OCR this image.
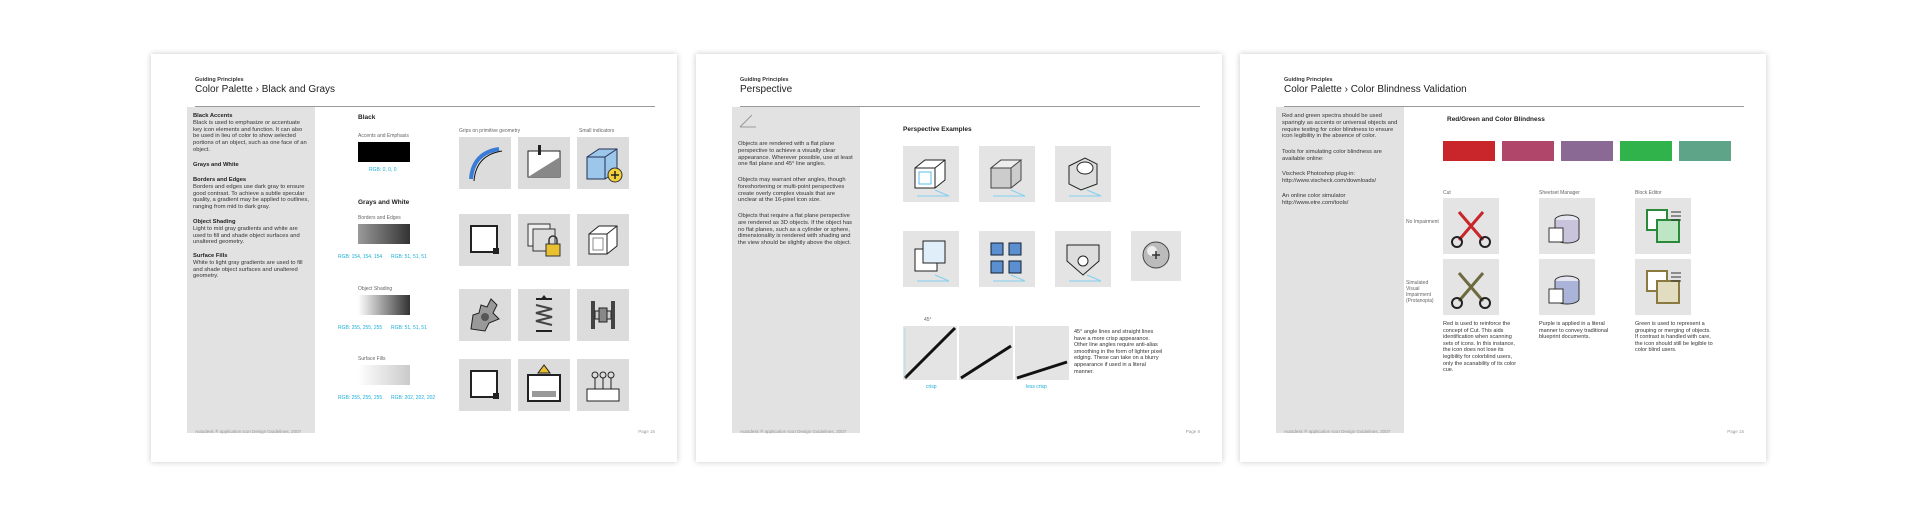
Guiding Principles
Color Palette › Black and Grays
Black Accents
Black is used to emphasize or accentuate key icon elements and function. It can also be used in lieu of color to show selected portions of an object, such as one face of an object.
Grays and White
Borders and Edges
Borders and edges use dark gray to ensure good contrast. To achieve a subtle specular quality, a gradient may be applied to outlines, ranging from mid to dark gray.
Object Shading
Light to mid gray gradients and white are used to fill and shade object surfaces and unaltered geometry.
Surface Fills
White to light gray gradients are used to fill and shade object surfaces and unaltered geometry.
Black
Accents and Emphasis
RGB: 0, 0, 0
Grays and White
Borders and Edges
RGB: 154, 154, 154 RGB: 51, 51, 51
Object Shading
RGB: 255, 255, 255 RGB: 51, 51, 51
Surface Fills
RGB: 255, 255, 255 RGB: 202, 202, 202
Grips on primitive geometry	Small indicators
Autodesk ® application Icon Design Guidelines, 2007	Page 16
Guiding Principles
Perspective
Objects are rendered with a flat plane perspective to achieve a visually clear appearance. Wherever possible, use at least one flat plane and 45° line angles.
Objects may warrant other angles, though foreshortening or multi-point perspectives create overly complex visuals that are unclear at the 16-pixel icon size.
Objects that require a flat plane perspective are rendered as 3D objects. If the object has no flat planes, such as a cylinder or sphere, dimensionality is rendered with shading and the view should be slightly above the object.
Perspective Examples
45°
crisp	less crisp
45° angle lines and straight lines have a more crisp appearance. Other line angles require anti-alias smoothing in the form of lighter pixel edging. These can take on a blurry appearance if used in a literal manner.
Autodesk ® application Icon Design Guidelines, 2007	Page 8
Guiding Principles
Color Palette › Color Blindness Validation
Red and green spectra should be used sparingly as accents or universal objects and require testing for color blindness to ensure icon legibility in the absence of color.
Tools for simulating color blindness are available online:
Vischeck Photoshop plug-in: http://www.vischeck.com/downloads/
An online color simulator http://www.etre.com/tools/
Red/Green and Color Blindness
Cut	Sheetset Manager	Block Editor
No Impairment
Simulated Visual Impairment (Protanopia)
Red is used to reinforce the concept of Cut. This aids identification when scanning sets of icons. In this instance, the icon does not lose its legibility for colorblind users, only the scanability of its color cue.
Purple is applied in a literal manner to convey traditional blueprint documents.
Green is used to represent a grouping or merging of objects. If contrast is handled with care, the icon should still be legible to color blind users.
Autodesk ® application Icon Design Guidelines, 2007	Page 15
